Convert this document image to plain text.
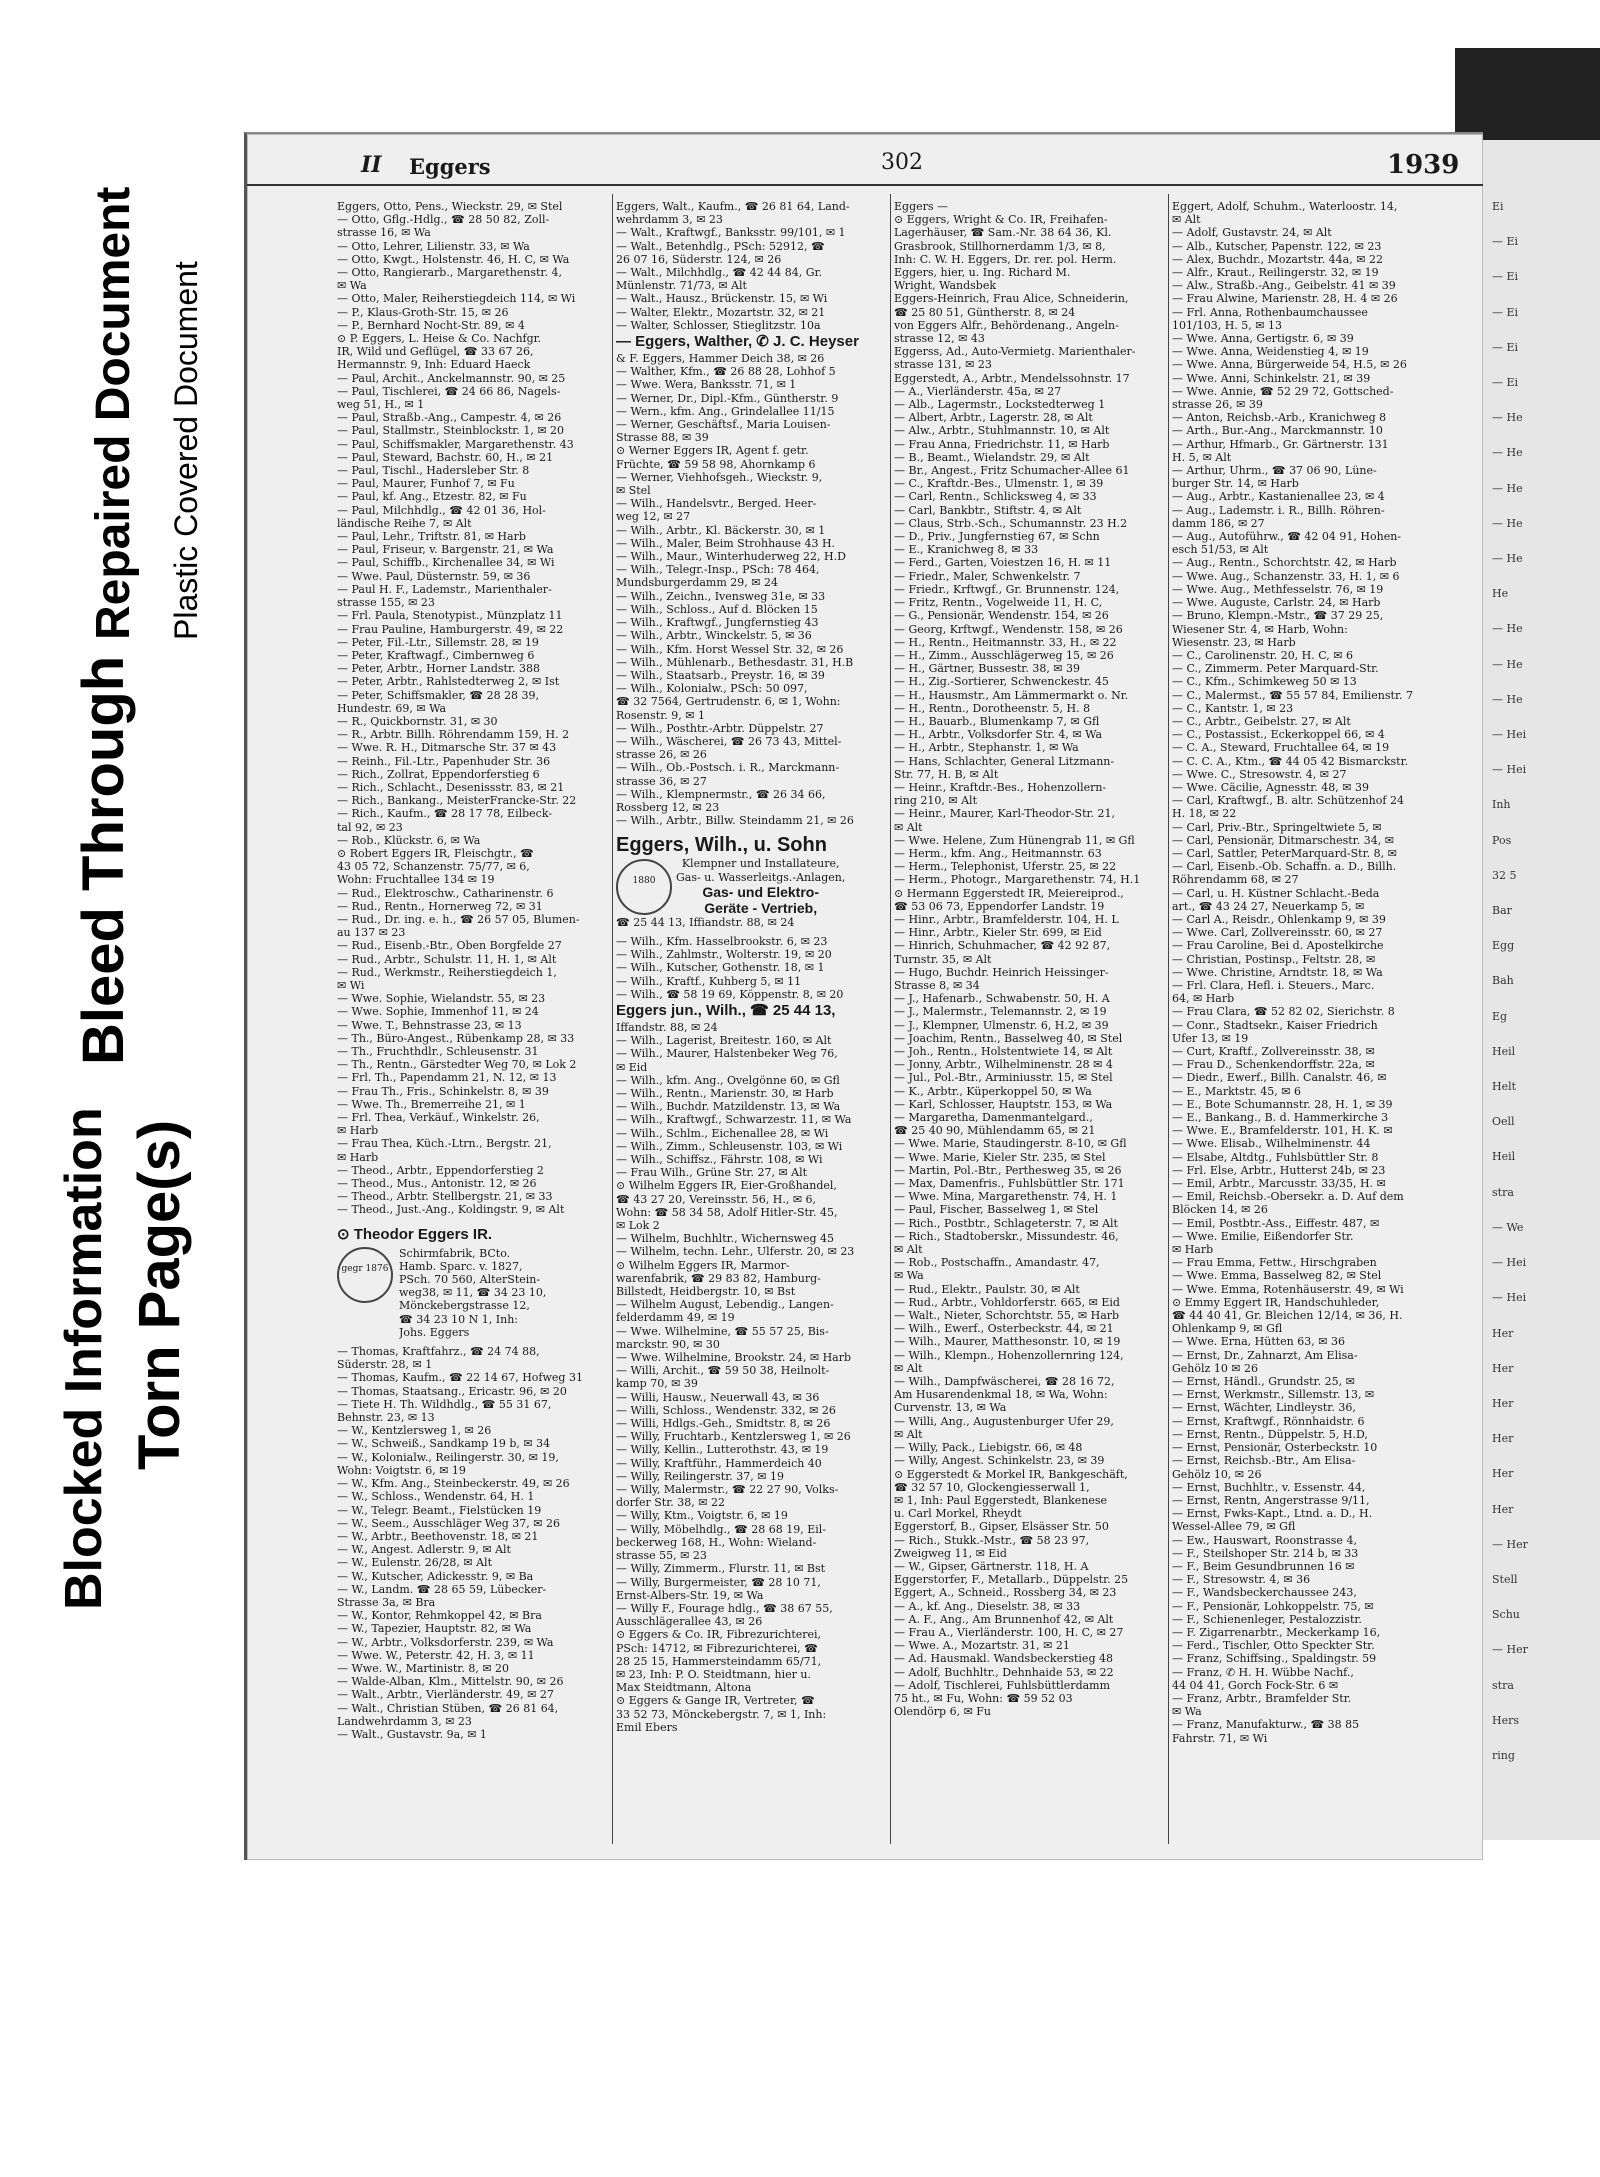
Blocked Information Torn Page(s)
Bleed Through
Repaired Document Plastic Covered Document
Ei
— Ei
— Ei
— Ei
— Ei
— Ei
— He
— He
— He
— He
— He
He
— He
— He
— He
— Hei
— Hei
Inh
Pos
32 5
Bar
Egg
Bah
Eg
Heil
Helt
Oell
Heil
stra
— We
— Hei
— Hei
Her
Her
Her
Her
Her
Her
— Her
Stell
Schu
— Her
stra
Hers
ring
II Eggers	302	1939
Eggers, Otto, Pens., Wieckstr. 29, ✉ Stel
— Otto, Gflg.-Hdlg., ☎ 28 50 82, Zoll-
strasse 16, ✉ Wa
— Otto, Lehrer, Lilienstr. 33, ✉ Wa
— Otto, Kwgt., Holstenstr. 46, H. C, ✉ Wa
— Otto, Rangierarb., Margarethenstr. 4,
✉ Wa
— Otto, Maler, Reiherstiegdeich 114, ✉ Wi
— P., Klaus-Groth-Str. 15, ✉ 26
— P., Bernhard Nocht-Str. 89, ✉ 4
⊙ P. Eggers, L. Heise & Co. Nachfgr.
IR, Wild und Geflügel, ☎ 33 67 26,
Hermannstr. 9, Inh: Eduard Haeck
— Paul, Archit., Anckelmannstr. 90, ✉ 25
— Paul, Tischlerei, ☎ 24 66 86, Nagels-
weg 51, H., ✉ 1
— Paul, Straßb.-Ang., Campestr. 4, ✉ 26
— Paul, Stallmstr., Steinblockstr. 1, ✉ 20
— Paul, Schiffsmakler, Margarethenstr. 43
— Paul, Steward, Bachstr. 60, H., ✉ 21
— Paul, Tischl., Hadersleber Str. 8
— Paul, Maurer, Funhof 7, ✉ Fu
— Paul, kf. Ang., Etzestr. 82, ✉ Fu
— Paul, Milchhdlg., ☎ 42 01 36, Hol-
ländische Reihe 7, ✉ Alt
— Paul, Lehr., Triftstr. 81, ✉ Harb
— Paul, Friseur, v. Bargenstr. 21, ✉ Wa
— Paul, Schiffb., Kirchenallee 34, ✉ Wi
— Wwe. Paul, Düsternstr. 59, ✉ 36
— Paul H. F., Lademstr., Marienthaler-
strasse 155, ✉ 23
— Frl. Paula, Stenotypist., Münzplatz 11
— Frau Pauline, Hamburgerstr. 49, ✉ 22
— Peter, Fil.-Ltr., Sillemstr. 28, ✉ 19
— Peter, Kraftwagf., Cimbernweg 6
— Peter, Arbtr., Horner Landstr. 388
— Peter, Arbtr., Rahlstedterweg 2, ✉ Ist
— Peter, Schiffsmakler, ☎ 28 28 39,
Hundestr. 69, ✉ Wa
— R., Quickbornstr. 31, ✉ 30
— R., Arbtr. Billh. Röhrendamm 159, H. 2
— Wwe. R. H., Ditmarsche Str. 37 ✉ 43
— Reinh., Fil.-Ltr., Papenhuder Str. 36
— Rich., Zollrat, Eppendorferstieg 6
— Rich., Schlacht., Desenissstr. 83, ✉ 21
— Rich., Bankang., MeisterFrancke-Str. 22
— Rich., Kaufm., ☎ 28 17 78, Eilbeck-
tal 92, ✉ 23
— Rob., Klückstr. 6, ✉ Wa
⊙ Robert Eggers IR, Fleischgtr., ☎
43 05 72, Schanzenstr. 75/77, ✉ 6,
Wohn: Fruchtallee 134 ✉ 19
— Rud., Elektroschw., Catharinenstr. 6
— Rud., Rentn., Hornerweg 72, ✉ 31
— Rud., Dr. ing. e. h., ☎ 26 57 05, Blumen-
au 137 ✉ 23
— Rud., Eisenb.-Btr., Oben Borgfelde 27
— Rud., Arbtr., Schulstr. 11, H. 1, ✉ Alt
— Rud., Werkmstr., Reiherstiegdeich 1,
✉ Wi
— Wwe. Sophie, Wielandstr. 55, ✉ 23
— Wwe. Sophie, Immenhof 11, ✉ 24
— Wwe. T., Behnstrasse 23, ✉ 13
— Th., Büro-Angest., Rübenkamp 28, ✉ 33
— Th., Fruchthdlr., Schleusenstr. 31
— Th., Rentn., Gärstedter Weg 70, ✉ Lok 2
— Frl. Th., Papendamm 21, N. 12, ✉ 13
— Frau Th., Fris., Schinkelstr. 8, ✉ 39
— Wwe. Th., Bremerreihe 21, ✉ 1
— Frl. Thea, Verkäuf., Winkelstr. 26,
✉ Harb
— Frau Thea, Küch.-Ltrn., Bergstr. 21,
✉ Harb
— Theod., Arbtr., Eppendorferstieg 2
— Theod., Mus., Antonistr. 12, ✉ 26
— Theod., Arbtr. Stellbergstr. 21, ✉ 33
— Theod., Just.-Ang., Koldingstr. 9, ✉ Alt
⊙ Theodor Eggers IR.
gegr 1876
Schirmfabrik, BCto.
Hamb. Sparc. v. 1827,
PSch. 70 560, AlterStein-
weg38, ✉ 11, ☎ 34 23 10,
Mönckebergstrasse 12,
☎ 34 23 10 N 1, Inh:
Johs. Eggers
— Thomas, Kraftfahrz., ☎ 24 74 88,
Süderstr. 28, ✉ 1
— Thomas, Kaufm., ☎ 22 14 67, Hofweg 31
— Thomas, Staatsang., Ericastr. 96, ✉ 20
— Tiete H. Th. Wildhdlg., ☎ 55 31 67,
Behnstr. 23, ✉ 13
— W., Kentzlersweg 1, ✉ 26
— W., Schweiß., Sandkamp 19 b, ✉ 34
— W., Kolonialw., Reilingerstr. 30, ✉ 19,
Wohn: Voigtstr. 6, ✉ 19
— W., Kfm. Ang., Steinbeckerstr. 49, ✉ 26
— W., Schloss., Wendenstr. 64, H. 1
— W., Telegr. Beamt., Fielstücken 19
— W., Seem., Ausschläger Weg 37, ✉ 26
— W., Arbtr., Beethovenstr. 18, ✉ 21
— W., Angest. Adlerstr. 9, ✉ Alt
— W., Eulenstr. 26/28, ✉ Alt
— W., Kutscher, Adickesstr. 9, ✉ Ba
— W., Landm. ☎ 28 65 59, Lübecker-
Strasse 3a, ✉ Bra
— W., Kontor, Rehmkoppel 42, ✉ Bra
— W., Tapezier, Hauptstr. 82, ✉ Wa
— W., Arbtr., Volksdorferstr. 239, ✉ Wa
— Wwe. W., Peterstr. 42, H. 3, ✉ 11
— Wwe. W., Martinistr. 8, ✉ 20
— Walde-Alban, Klm., Mittelstr. 90, ✉ 26
— Walt., Arbtr., Vierländerstr. 49, ✉ 27
— Walt., Christian Stüben, ☎ 26 81 64,
Landwehrdamm 3, ✉ 23
— Walt., Gustavstr. 9a, ✉ 1
Eggers, Walt., Kaufm., ☎ 26 81 64, Land-
wehrdamm 3, ✉ 23
— Walt., Kraftwgf., Banksstr. 99/101, ✉ 1
— Walt., Betenhdlg., PSch: 52912, ☎
26 07 16, Süderstr. 124, ✉ 26
— Walt., Milchhdlg., ☎ 42 44 84, Gr.
Münlenstr. 71/73, ✉ Alt
— Walt., Hausz., Brückenstr. 15, ✉ Wi
— Walter, Elektr., Mozartstr. 32, ✉ 21
— Walter, Schlosser, Stieglitzstr. 10a
— Eggers, Walther, ✆ J. C. Heyser
& F. Eggers, Hammer Deich 38, ✉ 26
— Walther, Kfm., ☎ 26 88 28, Lohhof 5
— Wwe. Wera, Banksstr. 71, ✉ 1
— Werner, Dr., Dipl.-Kfm., Güntherstr. 9
— Wern., kfm. Ang., Grindelallee 11/15
— Werner, Geschäftsf., Maria Louisen-
Strasse 88, ✉ 39
⊙ Werner Eggers IR, Agent f. getr.
Früchte, ☎ 59 58 98, Ahornkamp 6
— Werner, Viehhofsgeh., Wieckstr. 9,
✉ Stel
— Wilh., Handelsvtr., Berged. Heer-
weg 12, ✉ 27
— Wilh., Arbtr., Kl. Bäckerstr. 30, ✉ 1
— Wilh., Maler, Beim Strohhause 43 H.
— Wilh., Maur., Winterhuderweg 22, H.D
— Wilh., Telegr.-Insp., PSch: 78 464,
Mundsburgerdamm 29, ✉ 24
— Wilh., Zeichn., Ivensweg 31e, ✉ 33
— Wilh., Schloss., Auf d. Blöcken 15
— Wilh., Kraftwgf., Jungfernstieg 43
— Wilh., Arbtr., Winckelstr. 5, ✉ 36
— Wilh., Kfm. Horst Wessel Str. 32, ✉ 26
— Wilh., Mühlenarb., Bethesdastr. 31, H.B
— Wilh., Staatsarb., Preystr. 16, ✉ 39
— Wilh., Kolonialw., PSch: 50 097,
☎ 32 7564, Gertrudenstr. 6, ✉ 1, Wohn:
Rosenstr. 9, ✉ 1
— Wilh., Posthtr.-Arbtr. Düppelstr. 27
— Wilh., Wäscherei, ☎ 26 73 43, Mittel-
strasse 26, ✉ 26
— Wilh., Ob.-Postsch. i. R., Marckmann-
strasse 36, ✉ 27
— Wilh., Klempnermstr., ☎ 26 34 66,
Rossberg 12, ✉ 23
— Wilh., Arbtr., Billw. Steindamm 21, ✉ 26
Eggers, Wilh., u. Sohn
1880
Klempner und Installateure,
Gas- u. Wasserleitgs.-Anlagen,
Gas- und Elektro-
Geräte - Vertrieb,
☎ 25 44 13, Iffiandstr. 88, ✉ 24
— Wilh., Kfm. Hasselbrookstr. 6, ✉ 23
— Wilh., Zahlmstr., Wolterstr. 19, ✉ 20
— Wilh., Kutscher, Gothenstr. 18, ✉ 1
— Wilh., Kraftf., Kuhberg 5, ✉ 11
— Wilh., ☎ 58 19 69, Köppenstr. 8, ✉ 20
Eggers jun., Wilh., ☎ 25 44 13,
Iffandstr. 88, ✉ 24
— Wilh., Lagerist, Breitestr. 160, ✉ Alt
— Wilh., Maurer, Halstenbeker Weg 76,
✉ Eid
— Wilh., kfm. Ang., Ovelgönne 60, ✉ Gfl
— Wilh., Rentn., Marienstr. 30, ✉ Harb
— Wilh., Buchdr. Matzildenstr. 13, ✉ Wa
— Wilh., Kraftwgf., Schwarzestr. 11, ✉ Wa
— Wilh., Schlm., Eichenallee 28, ✉ Wi
— Wilh., Zimm., Schleusenstr. 103, ✉ Wi
— Wilh., Schiffsz., Fährstr. 108, ✉ Wi
— Frau Wilh., Grüne Str. 27, ✉ Alt
⊙ Wilhelm Eggers IR, Eier-Großhandel,
☎ 43 27 20, Vereinsstr. 56, H., ✉ 6,
Wohn: ☎ 58 34 58, Adolf Hitler-Str. 45,
✉ Lok 2
— Wilhelm, Buchhltr., Wichernsweg 45
— Wilhelm, techn. Lehr., Ulferstr. 20, ✉ 23
⊙ Wilhelm Eggers IR, Marmor-
warenfabrik, ☎ 29 83 82, Hamburg-
Billstedt, Heidbergstr. 10, ✉ Bst
— Wilhelm August, Lebendig., Langen-
felderdamm 49, ✉ 19
— Wwe. Wilhelmine, ☎ 55 57 25, Bis-
marckstr. 90, ✉ 30
— Wwe. Wilhelmine, Brookstr. 24, ✉ Harb
— Willi, Archit., ☎ 59 50 38, Heilnolt-
kamp 70, ✉ 39
— Willi, Hausw., Neuerwall 43, ✉ 36
— Willi, Schloss., Wendenstr. 332, ✉ 26
— Willi, Hdlgs.-Geh., Smidtstr. 8, ✉ 26
— Willy, Fruchtarb., Kentzlersweg 1, ✉ 26
— Willy, Kellin., Lutterothstr. 43, ✉ 19
— Willy, Kraftführ., Hammerdeich 40
— Willy, Reilingerstr. 37, ✉ 19
— Willy, Malermstr., ☎ 22 27 90, Volks-
dorfer Str. 38, ✉ 22
— Willy, Ktm., Voigtstr. 6, ✉ 19
— Willy, Möbelhdlg., ☎ 28 68 19, Eil-
beckerweg 168, H., Wohn: Wieland-
strasse 55, ✉ 23
— Willy, Zimmerm., Flurstr. 11, ✉ Bst
— Willy, Burgermeister, ☎ 28 10 71,
Ernst-Albers-Str. 19, ✉ Wa
— Willy F., Fourage hdlg., ☎ 38 67 55,
Ausschlägerallee 43, ✉ 26
⊙ Eggers & Co. IR, Fibrezurichterei,
PSch: 14712, ✉ Fibrezurichterei, ☎
28 25 15, Hammersteindamm 65/71,
✉ 23, Inh: P. O. Steidtmann, hier u.
Max Steidtmann, Altona
⊙ Eggers & Gange IR, Vertreter, ☎
33 52 73, Mönckebergstr. 7, ✉ 1, Inh:
Emil Ebers
Eggers —
⊙ Eggers, Wright & Co. IR, Freihafen-
Lagerhäuser, ☎ Sam.-Nr. 38 64 36, Kl.
Grasbrook, Stillhornerdamm 1/3, ✉ 8,
Inh: C. W. H. Eggers, Dr. rer. pol. Herm.
Eggers, hier, u. Ing. Richard M.
Wright, Wandsbek
Eggers-Heinrich, Frau Alice, Schneiderin,
☎ 25 80 51, Güntherstr. 8, ✉ 24
von Eggers Alfr., Behördenang., Angeln-
strasse 12, ✉ 43
Eggerss, Ad., Auto-Vermietg. Marienthaler-
strasse 131, ✉ 23
Eggerstedt, A., Arbtr., Mendelssohnstr. 17
— A., Vierländerstr. 45a, ✉ 27
— Alb., Lagermstr., Lockstedterweg 1
— Albert, Arbtr., Lagerstr. 28, ✉ Alt
— Alw., Arbtr., Stuhlmannstr. 10, ✉ Alt
— Frau Anna, Friedrichstr. 11, ✉ Harb
— B., Beamt., Wielandstr. 29, ✉ Alt
— Br., Angest., Fritz Schumacher-Allee 61
— C., Kraftdr.-Bes., Ulmenstr. 1, ✉ 39
— Carl, Rentn., Schlicksweg 4, ✉ 33
— Carl, Bankbtr., Stiftstr. 4, ✉ Alt
— Claus, Strb.-Sch., Schumannstr. 23 H.2
— D., Priv., Jungfernstieg 67, ✉ Schn
— E., Kranichweg 8, ✉ 33
— Ferd., Garten, Voiestzen 16, H. ✉ 11
— Friedr., Maler, Schwenkelstr. 7
— Friedr., Krftwgf., Gr. Brunnenstr. 124,
— Fritz, Rentn., Vogelweide 11, H. C,
— G., Pensionär, Wendenstr. 154, ✉ 26
— Georg, Krftwgf., Wendenstr. 158, ✉ 26
— H., Rentn., Heitmannstr. 33, H., ✉ 22
— H., Zimm., Ausschlägerweg 15, ✉ 26
— H., Gärtner, Bussestr. 38, ✉ 39
— H., Zig.-Sortierer, Schwenckestr. 45
— H., Hausmstr., Am Lämmermarkt o. Nr.
— H., Rentn., Dorotheenstr. 5, H. 8
— H., Bauarb., Blumenkamp 7, ✉ Gfl
— H., Arbtr., Volksdorfer Str. 4, ✉ Wa
— H., Arbtr., Stephanstr. 1, ✉ Wa
— Hans, Schlachter, General Litzmann-
Str. 77, H. B, ✉ Alt
— Heinr., Kraftdr.-Bes., Hohenzollern-
ring 210, ✉ Alt
— Heinr., Maurer, Karl-Theodor-Str. 21,
✉ Alt
— Wwe. Helene, Zum Hünengrab 11, ✉ Gfl
— Herm., kfm. Ang., Heitmannstr. 63
— Herm., Telephonist, Uferstr. 25, ✉ 22
— Herm., Photogr., Margarethenstr. 74, H.1
⊙ Hermann Eggerstedt IR, Meiereiprod.,
☎ 53 06 73, Eppendorfer Landstr. 19
— Hinr., Arbtr., Bramfelderstr. 104, H. L
— Hinr., Arbtr., Kieler Str. 699, ✉ Eid
— Hinrich, Schuhmacher, ☎ 42 92 87,
Turnstr. 35, ✉ Alt
— Hugo, Buchdr. Heinrich Heissinger-
Strasse 8, ✉ 34
— J., Hafenarb., Schwabenstr. 50, H. A
— J., Malermstr., Telemannstr. 2, ✉ 19
— J., Klempner, Ulmenstr. 6, H.2, ✉ 39
— Joachim, Rentn., Basselweg 40, ✉ Stel
— Joh., Rentn., Holstentwiete 14, ✉ Alt
— Jonny, Arbtr., Wilhelminenstr. 28 ✉ 4
— Jul., Pol.-Btr., Arminiusstr. 15, ✉ Stel
— K., Arbtr., Küperkoppel 50, ✉ Wa
— Karl, Schlosser, Hauptstr. 153, ✉ Wa
— Margaretha, Damenmantelgard.,
☎ 25 40 90, Mühlendamm 65, ✉ 21
— Wwe. Marie, Staudingerstr. 8-10, ✉ Gfl
— Wwe. Marie, Kieler Str. 235, ✉ Stel
— Martin, Pol.-Btr., Perthesweg 35, ✉ 26
— Max, Damenfris., Fuhlsbüttler Str. 171
— Wwe. Mina, Margarethenstr. 74, H. 1
— Paul, Fischer, Basselweg 1, ✉ Stel
— Rich., Postbtr., Schlageterstr. 7, ✉ Alt
— Rich., Stadtoberskr., Missundestr. 46,
✉ Alt
— Rob., Postschaffn., Amandastr. 47,
✉ Wa
— Rud., Elektr., Paulstr. 30, ✉ Alt
— Rud., Arbtr., Vohldorferstr. 665, ✉ Eid
— Walt., Nieter, Schorchtstr. 55, ✉ Harb
— Wilh., Ewerf., Osterbeckstr. 44, ✉ 21
— Wilh., Maurer, Matthesonstr. 10, ✉ 19
— Wilh., Klempn., Hohenzollernring 124,
✉ Alt
— Wilh., Dampfwäscherei, ☎ 28 16 72,
Am Husarendenkmal 18, ✉ Wa, Wohn:
Curvenstr. 13, ✉ Wa
— Willi, Ang., Augustenburger Ufer 29,
✉ Alt
— Willy, Pack., Liebigstr. 66, ✉ 48
— Willy, Angest. Schinkelstr. 23, ✉ 39
⊙ Eggerstedt & Morkel IR, Bankgeschäft,
☎ 32 57 10, Glockengiesserwall 1,
✉ 1, Inh: Paul Eggerstedt, Blankenese
u. Carl Morkel, Rheydt
Eggerstorf, B., Gipser, Elsässer Str. 50
— Rich., Stukk.-Mstr., ☎ 58 23 97,
Zweigweg 11, ✉ Eid
— W., Gipser, Gärtnerstr. 118, H. A
Eggerstorfer, F., Metallarb., Düppelstr. 25
Eggert, A., Schneid., Rossberg 34, ✉ 23
— A., kf. Ang., Dieselstr. 38, ✉ 33
— A. F., Ang., Am Brunnenhof 42, ✉ Alt
— Frau A., Vierländerstr. 100, H. C, ✉ 27
— Wwe. A., Mozartstr. 31, ✉ 21
— Ad. Hausmakl. Wandsbeckerstieg 48
— Adolf, Buchhltr., Dehnhaide 53, ✉ 22
— Adolf, Tischlerei, Fuhlsbüttlerdamm
75 ht., ✉ Fu, Wohn: ☎ 59 52 03
Olendörp 6, ✉ Fu
Eggert, Adolf, Schuhm., Waterloostr. 14,
✉ Alt
— Adolf, Gustavstr. 24, ✉ Alt
— Alb., Kutscher, Papenstr. 122, ✉ 23
— Alex, Buchdr., Mozartstr. 44a, ✉ 22
— Alfr., Kraut., Reilingerstr. 32, ✉ 19
— Alw., Straßb.-Ang., Geibelstr. 41 ✉ 39
— Frau Alwine, Marienstr. 28, H. 4 ✉ 26
— Frl. Anna, Rothenbaumchaussee
101/103, H. 5, ✉ 13
— Wwe. Anna, Gertigstr. 6, ✉ 39
— Wwe. Anna, Weidenstieg 4, ✉ 19
— Wwe. Anna, Bürgerweide 54, H.5, ✉ 26
— Wwe. Anni, Schinkelstr. 21, ✉ 39
— Wwe. Annie, ☎ 52 29 72, Gottsched-
strasse 26, ✉ 39
— Anton, Reichsb.-Arb., Kranichweg 8
— Arth., Bur.-Ang., Marckmannstr. 10
— Arthur, Hfmarb., Gr. Gärtnerstr. 131
H. 5, ✉ Alt
— Arthur, Uhrm., ☎ 37 06 90, Lüne-
burger Str. 14, ✉ Harb
— Aug., Arbtr., Kastanienallee 23, ✉ 4
— Aug., Lademstr. i. R., Billh. Röhren-
damm 186, ✉ 27
— Aug., Autoführw., ☎ 42 04 91, Hohen-
esch 51/53, ✉ Alt
— Aug., Rentn., Schorchtstr. 42, ✉ Harb
— Wwe. Aug., Schanzenstr. 33, H. 1, ✉ 6
— Wwe. Aug., Methfesselstr. 76, ✉ 19
— Wwe. Auguste, Carlstr. 24, ✉ Harb
— Bruno, Klempn.-Mstr., ☎ 37 29 25,
Wiesener Str. 4, ✉ Harb, Wohn:
Wiesenstr. 23, ✉ Harb
— C., Carolinenstr. 20, H. C, ✉ 6
— C., Zimmerm. Peter Marquard-Str.
— C., Kfm., Schimkeweg 50 ✉ 13
— C., Malermst., ☎ 55 57 84, Emilienstr. 7
— C., Kantstr. 1, ✉ 23
— C., Arbtr., Geibelstr. 27, ✉ Alt
— C., Postassist., Eckerkoppel 66, ✉ 4
— C. A., Steward, Fruchtallee 64, ✉ 19
— C. C. A., Ktm., ☎ 44 05 42 Bismarckstr.
— Wwe. C., Stresowstr. 4, ✉ 27
— Wwe. Cäcilie, Agnesstr. 48, ✉ 39
— Carl, Kraftwgf., B. altr. Schützenhof 24
H. 18, ✉ 22
— Carl, Priv.-Btr., Springeltwiete 5, ✉
— Carl, Pensionär, Ditmarschestr. 34, ✉
— Carl, Sattler, PeterMarquard-Str. 8, ✉
— Carl, Eisenb.-Ob. Schaffn. a. D., Billh.
Röhrendamm 68, ✉ 27
— Carl, u. H. Küstner Schlacht.-Beda
art., ☎ 43 24 27, Neuerkamp 5, ✉
— Carl A., Reisdr., Ohlenkamp 9, ✉ 39
— Wwe. Carl, Zollvereinsstr. 60, ✉ 27
— Frau Caroline, Bei d. Apostelkirche
— Christian, Postinsp., Feltstr. 28, ✉
— Wwe. Christine, Arndtstr. 18, ✉ Wa
— Frl. Clara, Hefl. i. Steuers., Marc.
64, ✉ Harb
— Frau Clara, ☎ 52 82 02, Sierichstr. 8
— Conr., Stadtsekr., Kaiser Friedrich
Ufer 13, ✉ 19
— Curt, Kraftf., Zollvereinsstr. 38, ✉
— Frau D., Schenkendorffstr. 22a, ✉
— Diedr., Ewerf., Billh. Canalstr. 46, ✉
— E., Marktstr. 45, ✉ 6
— E., Bote Schumannstr. 28, H. 1, ✉ 39
— E., Bankang., B. d. Hammerkirche 3
— Wwe. E., Bramfelderstr. 101, H. K. ✉
— Wwe. Elisab., Wilhelminenstr. 44
— Elsabe, Altdtg., Fuhlsbüttler Str. 8
— Frl. Else, Arbtr., Hutterst 24b, ✉ 23
— Emil, Arbtr., Marcusstr. 33/35, H. ✉
— Emil, Reichsb.-Obersekr. a. D. Auf dem
Blöcken 14, ✉ 26
— Emil, Postbtr.-Ass., Eiffestr. 487, ✉
— Wwe. Emilie, Eißendorfer Str.
✉ Harb
— Frau Emma, Fettw., Hirschgraben
— Wwe. Emma, Basselweg 82, ✉ Stel
— Wwe. Emma, Rotenhäuserstr. 49, ✉ Wi
⊙ Emmy Eggert IR, Handschuhleder,
☎ 44 40 41, Gr. Bleichen 12/14, ✉ 36, H.
Ohlenkamp 9, ✉ Gfl
— Wwe. Erna, Hütten 63, ✉ 36
— Ernst, Dr., Zahnarzt, Am Elisa-
Gehölz 10 ✉ 26
— Ernst, Händl., Grundstr. 25, ✉
— Ernst, Werkmstr., Sillemstr. 13, ✉
— Ernst, Wächter, Lindleystr. 36,
— Ernst, Kraftwgf., Rönnhaidstr. 6
— Ernst, Rentn., Düppelstr. 5, H.D,
— Ernst, Pensionär, Osterbeckstr. 10
— Ernst, Reichsb.-Btr., Am Elisa-
Gehölz 10, ✉ 26
— Ernst, Buchhltr., v. Essenstr. 44,
— Ernst, Rentn, Angerstrasse 9/11,
— Ernst, Fwks-Kapt., Ltnd. a. D., H.
Wessel-Allee 79, ✉ Gfl
— Ew., Hauswart, Roonstrasse 4,
— F., Steilshoper Str. 214 b, ✉ 33
— F., Beim Gesundbrunnen 16 ✉
— F., Stresowstr. 4, ✉ 36
— F., Wandsbeckerchaussee 243,
— F., Pensionär, Lohkoppelstr. 75, ✉
— F., Schienenleger, Pestalozzistr.
— F. Zigarrenarbtr., Meckerkamp 16,
— Ferd., Tischler, Otto Speckter Str.
— Franz, Schiffsing., Spaldingstr. 59
— Franz, ✆ H. H. Wübbe Nachf.,
44 04 41, Gorch Fock-Str. 6 ✉
— Franz, Arbtr., Bramfelder Str.
✉ Wa
— Franz, Manufakturw., ☎ 38 85
Fahrstr. 71, ✉ Wi
